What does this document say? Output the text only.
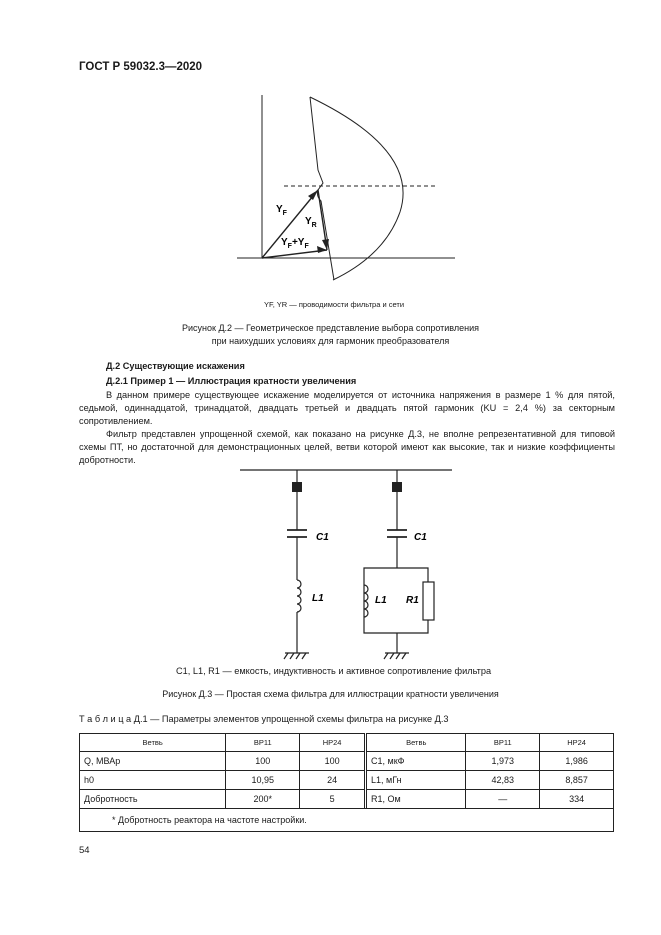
ГОСТ Р 59032.3—2020
$Y_F$
$Y_R$
$Y_F+Y_F$
YF, YR — проводимости фильтра и сети
Рисунок Д.2 — Геометрическое представление выбора сопротивления
при наихудших условиях для гармоник преобразователя
Д.2 Существующие искажения
Д.2.1 Пример 1 — Иллюстрация кратности увеличения

В данном примере существующее искажение моделируется от источника напряжения в размере 1 % для пятой, седьмой, одиннадцатой, тринадцатой, двадцать третьей и двадцать пятой гармоник (KU = 2,4 %) за секторным сопротивлением.

Фильтр представлен упрощенной схемой, как показано на рисунке Д.3, не вполне репрезентативной для типовой схемы ПТ, но достаточной для демонстрационных целей, ветви которой имеют как высокие, так и низкие коэффициенты добротности.

C1	C1
L1	L1 R1
C1, L1, R1 — емкость, индуктивность и активное сопротивление фильтра
Рисунок Д.3 — Простая схема фильтра для иллюстрации кратности увеличения
Т а б л и ц а Д.1 — Параметры элементов упрощенной схемы фильтра на рисунке Д.3
Ветвь	BP11	HP24		Ветвь	BP11	HP24
Q, МВАр	100	100		C1, мкФ	1,973	1,986
h0	10,95	24		L1, мГн	42,83	8,857
Добротность	200*	5		R1, Ом	—	334
* Добротность реактора на частоте настройки.						
54
